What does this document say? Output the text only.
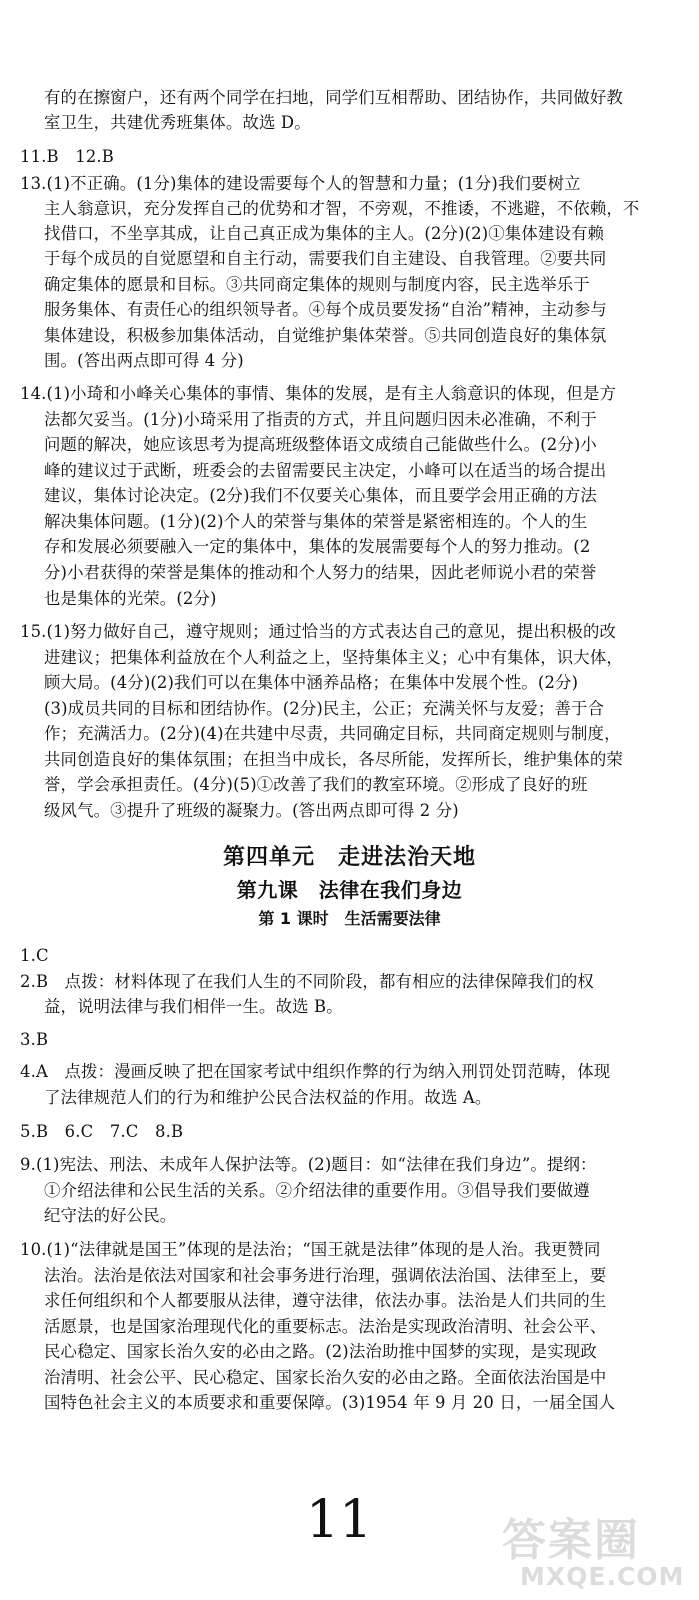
有的在擦窗户，还有两个同学在扫地，同学们互相帮助、团结协作，共同做好教
室卫生，共建优秀班集体。故选 D。
11.B　12.B
13.(1)不正确。(1分)集体的建设需要每个人的智慧和力量；(1分)我们要树立
主人翁意识，充分发挥自己的优势和才智，不旁观，不推诿，不逃避，不依赖，不
找借口，不坐享其成，让自己真正成为集体的主人。(2分)(2)①集体建设有赖
于每个成员的自觉愿望和自主行动，需要我们自主建设、自我管理。②要共同
确定集体的愿景和目标。③共同商定集体的规则与制度内容，民主选举乐于
服务集体、有责任心的组织领导者。④每个成员要发扬“自治”精神，主动参与
集体建设，积极参加集体活动，自觉维护集体荣誉。⑤共同创造良好的集体氛
围。(答出两点即可得 4 分)
14.(1)小琦和小峰关心集体的事情、集体的发展，是有主人翁意识的体现，但是方
法都欠妥当。(1分)小琦采用了指责的方式，并且问题归因未必准确，不利于
问题的解决，她应该思考为提高班级整体语文成绩自己能做些什么。(2分)小
峰的建议过于武断，班委会的去留需要民主决定，小峰可以在适当的场合提出
建议，集体讨论决定。(2分)我们不仅要关心集体，而且要学会用正确的方法
解决集体问题。(1分)(2)个人的荣誉与集体的荣誉是紧密相连的。个人的生
存和发展必须要融入一定的集体中，集体的发展需要每个人的努力推动。(2
分)小君获得的荣誉是集体的推动和个人努力的结果，因此老师说小君的荣誉
也是集体的光荣。(2分)
15.(1)努力做好自己，遵守规则；通过恰当的方式表达自己的意见，提出积极的改
进建议；把集体利益放在个人利益之上，坚持集体主义；心中有集体，识大体，
顾大局。(4分)(2)我们可以在集体中涵养品格；在集体中发展个性。(2分)
(3)成员共同的目标和团结协作。(2分)民主，公正；充满关怀与友爱；善于合
作；充满活力。(2分)(4)在共建中尽责，共同确定目标，共同商定规则与制度，
共同创造良好的集体氛围；在担当中成长，各尽所能，发挥所长，维护集体的荣
誉，学会承担责任。(4分)(5)①改善了我们的教室环境。②形成了良好的班
级风气。③提升了班级的凝聚力。(答出两点即可得 2 分)
第四单元　走进法治天地
第九课　法律在我们身边
第 1 课时　生活需要法律
1.C
2.B　点拨：材料体现了在我们人生的不同阶段，都有相应的法律保障我们的权
益，说明法律与我们相伴一生。故选 B。
3.B
4.A　点拨：漫画反映了把在国家考试中组织作弊的行为纳入刑罚处罚范畴，体现
了法律规范人们的行为和维护公民合法权益的作用。故选 A。
5.B　6.C　7.C　8.B
9.(1)宪法、刑法、未成年人保护法等。(2)题目：如“法律在我们身边”。提纲：
①介绍法律和公民生活的关系。②介绍法律的重要作用。③倡导我们要做遵
纪守法的好公民。
10.(1)“法律就是国王”体现的是法治；“国王就是法律”体现的是人治。我更赞同
法治。法治是依法对国家和社会事务进行治理，强调依法治国、法律至上，要
求任何组织和个人都要服从法律，遵守法律，依法办事。法治是人们共同的生
活愿景，也是国家治理现代化的重要标志。法治是实现政治清明、社会公平、
民心稳定、国家长治久安的必由之路。(2)法治助推中国梦的实现，是实现政
治清明、社会公平、民心稳定、国家长治久安的必由之路。全面依法治国是中
国特色社会主义的本质要求和重要保障。(3)1954 年 9 月 20 日，一届全国人
11	答案圈
MXQE.COM
